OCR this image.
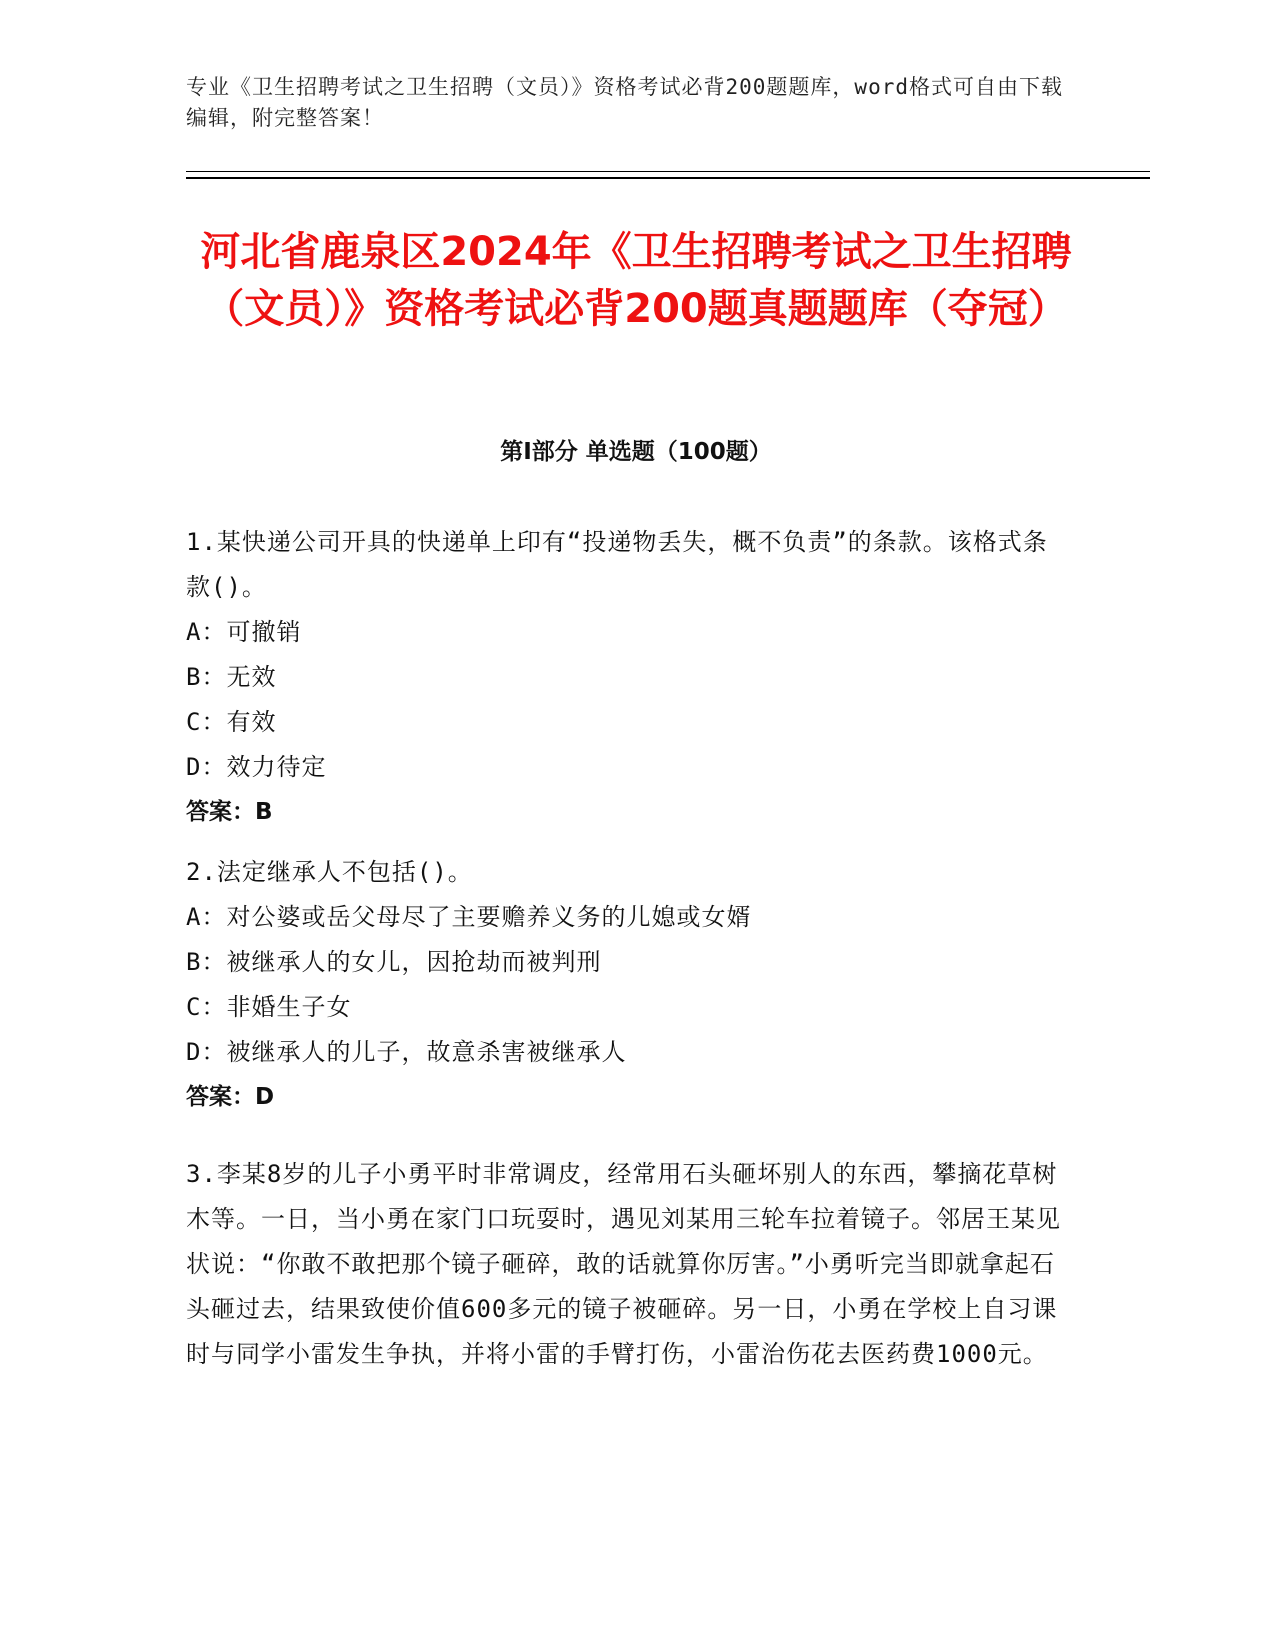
专业《卫生招聘考试之卫生招聘（文员）》资格考试必背200题题库，word格式可自由下载编辑，附完整答案！
河北省鹿泉区2024年《卫生招聘考试之卫生招聘（文员）》资格考试必背200题真题题库（夺冠）
第Ⅰ部分 单选题（100题）
1.某快递公司开具的快递单上印有“投递物丢失，概不负责”的条款。该格式条款()。
A：可撤销
B：无效
C：有效
D：效力待定
答案：B
2.法定继承人不包括()。
A：对公婆或岳父母尽了主要赡养义务的儿媳或女婿
B：被继承人的女儿，因抢劫而被判刑
C：非婚生子女
D：被继承人的儿子，故意杀害被继承人
答案：D
3.李某8岁的儿子小勇平时非常调皮，经常用石头砸坏别人的东西，攀摘花草树木等。一日，当小勇在家门口玩耍时，遇见刘某用三轮车拉着镜子。邻居王某见状说：“你敢不敢把那个镜子砸碎，敢的话就算你厉害。”小勇听完当即就拿起石头砸过去，结果致使价值600多元的镜子被砸碎。另一日，小勇在学校上自习课时与同学小雷发生争执，并将小雷的手臂打伤，小雷治伤花去医药费1000元。
